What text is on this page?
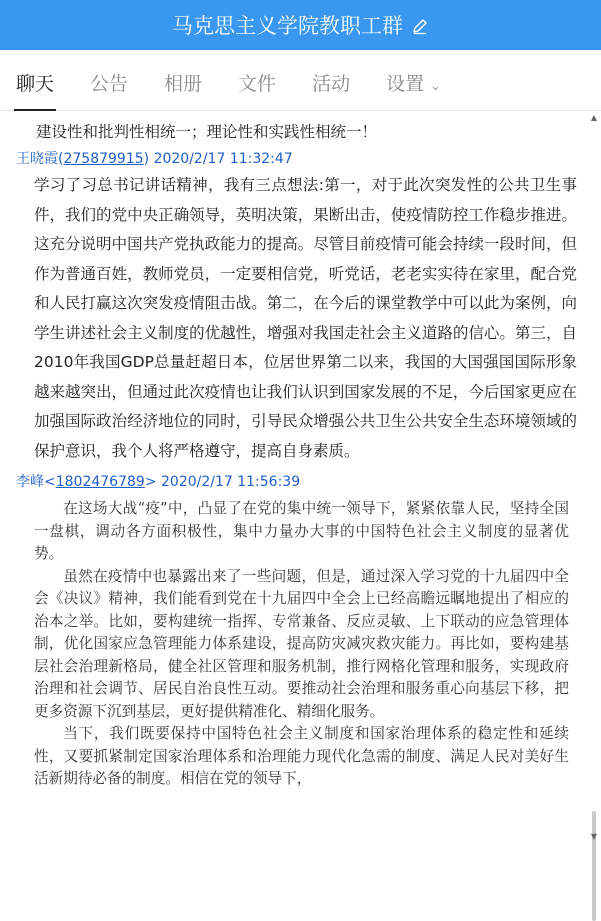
马克思主义学院教职工群
聊天 公告 相册 文件 活动 设置 ⌄
建设性和批判性相统一；理论性和实践性相统一！
王晓霞(275879915) 2020/2/17 11:32:47
学习了习总书记讲话精神，我有三点想法:第一，对于此次突发性的公共卫生事件，我们的党中央正确领导，英明决策，果断出击，使疫情防控工作稳步推进。这充分说明中国共产党执政能力的提高。尽管目前疫情可能会持续一段时间，但作为普通百姓，教师党员，一定要相信党，听党话，老老实实待在家里，配合党和人民打赢这次突发疫情阻击战。第二，在今后的课堂教学中可以此为案例，向学生讲述社会主义制度的优越性，增强对我国走社会主义道路的信心。第三，自2010年我国GDP总量赶超日本，位居世界第二以来，我国的大国强国国际形象越来越突出，但通过此次疫情也让我们认识到国家发展的不足，今后国家更应在加强国际政治经济地位的同时，引导民众增强公共卫生公共安全生态环境领域的保护意识，我个人将严格遵守，提高自身素质。
李峰<1802476789> 2020/2/17 11:56:39

在这场大战“疫”中，凸显了在党的集中统一领导下，紧紧依靠人民，坚持全国一盘棋，调动各方面积极性，集中力量办大事的中国特色社会主义制度的显著优势。

虽然在疫情中也暴露出来了一些问题，但是，通过深入学习党的十九届四中全会《决议》精神，我们能看到党在十九届四中全会上已经高瞻远瞩地提出了相应的治本之举。比如，要构建统一指挥、专常兼备、反应灵敏、上下联动的应急管理体制，优化国家应急管理能力体系建设，提高防灾减灾救灾能力。再比如，要构建基层社会治理新格局，健全社区管理和服务机制，推行网格化管理和服务，实现政府治理和社会调节、居民自治良性互动。要推动社会治理和服务重心向基层下移，把更多资源下沉到基层，更好提供精准化、精细化服务。

当下，我们既要保持中国特色社会主义制度和国家治理体系的稳定性和延续性，又要抓紧制定国家治理体系和治理能力现代化急需的制度、满足人民对美好生活新期待必备的制度。相信在党的领导下，

▲
▼
